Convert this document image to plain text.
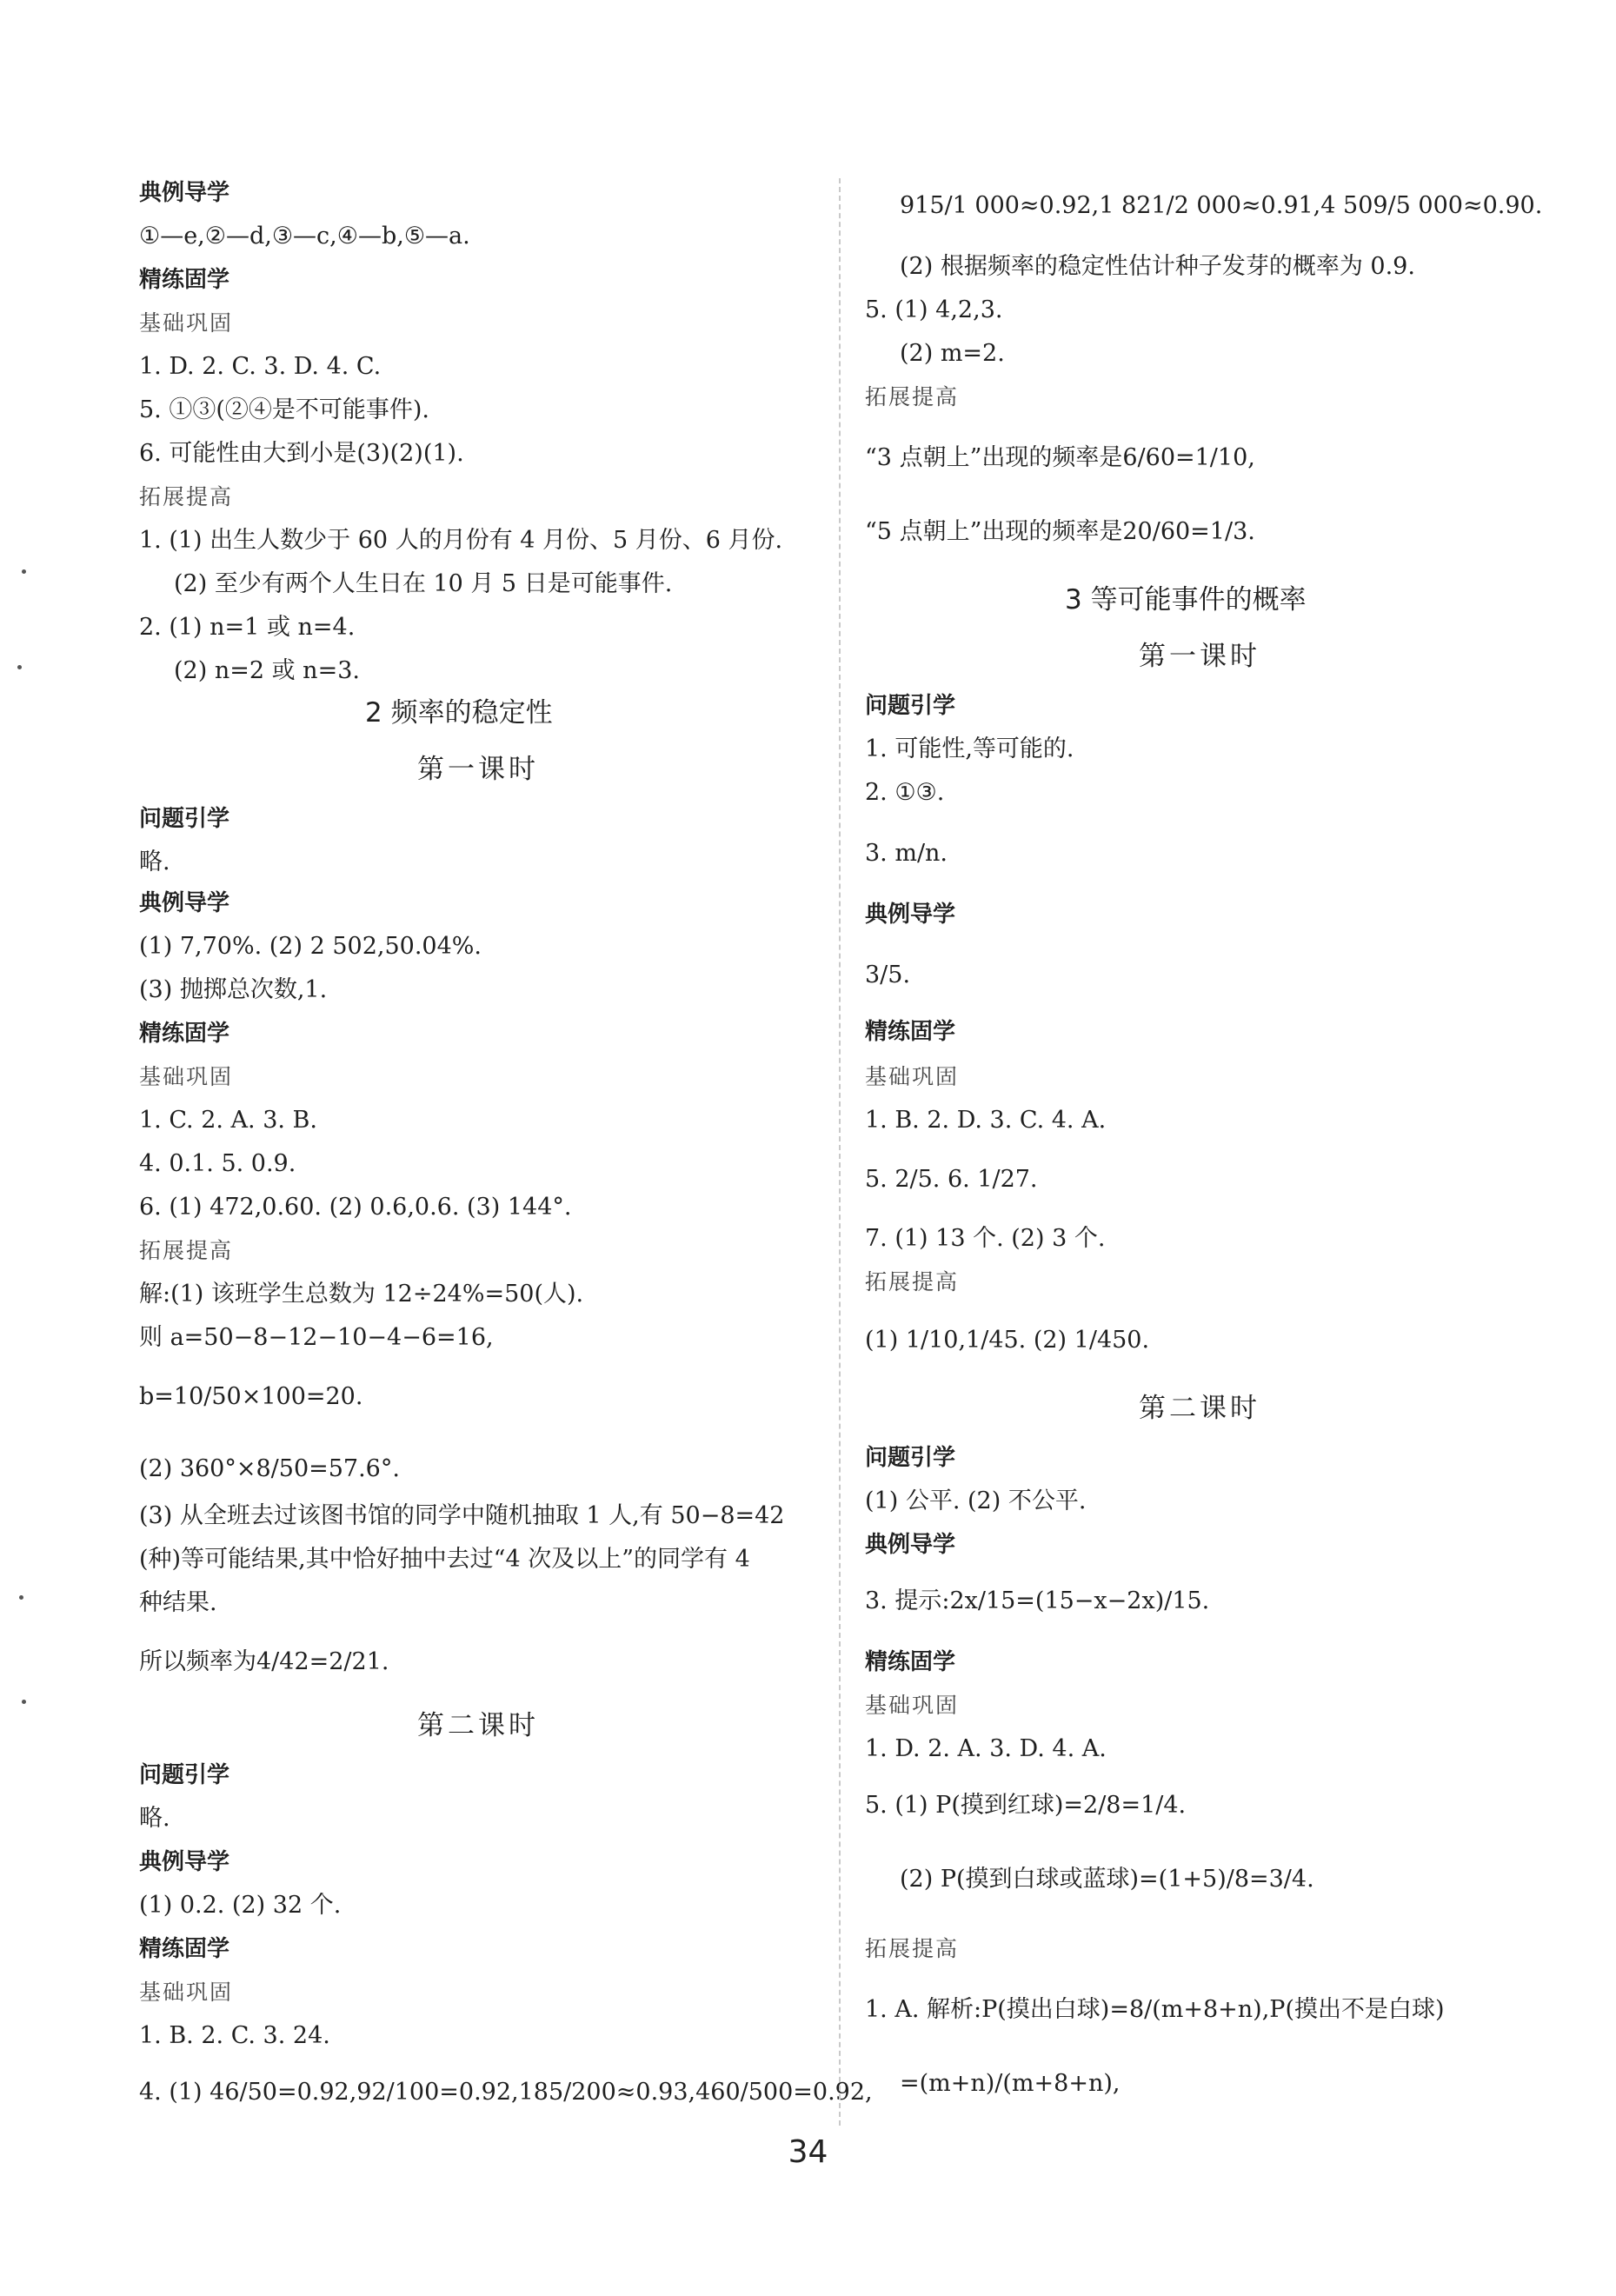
典例导学
①—e,②—d,③—c,④—b,⑤—a.
精练固学
基础巩固
1. D. 2. C. 3. D. 4. C.
5. ①③(②④是不可能事件).
6. 可能性由大到小是(3)(2)(1).
拓展提高
1. (1) 出生人数少于 60 人的月份有 4 月份、5 月份、6 月份.
(2) 至少有两个人生日在 10 月 5 日是可能事件.
2. (1) n=1 或 n=4.
(2) n=2 或 n=3.
2 频率的稳定性
第一课时
问题引学
略.
典例导学
(1) 7,70%. (2) 2 502,50.04%.
(3) 抛掷总次数,1.
精练固学
基础巩固
1. C. 2. A. 3. B.
4. 0.1. 5. 0.9.
6. (1) 472,0.60. (2) 0.6,0.6. (3) 144°.
拓展提高
解:(1) 该班学生总数为 12÷24%=50(人).
则 a=50−8−12−10−4−6=16,
b=10/50×100=20.
(2) 360°×8/50=57.6°.
(3) 从全班去过该图书馆的同学中随机抽取 1 人,有 50−8=42
(种)等可能结果,其中恰好抽中去过“4 次及以上”的同学有 4
种结果.
所以频率为4/42=2/21.
第二课时
问题引学
略.
典例导学
(1) 0.2. (2) 32 个.
精练固学
基础巩固
1. B. 2. C. 3. 24.
4. (1) 46/50=0.92,92/100=0.92,185/200≈0.93,460/500=0.92,
915/1 000≈0.92,1 821/2 000≈0.91,4 509/5 000≈0.90.
(2) 根据频率的稳定性估计种子发芽的概率为 0.9.
5. (1) 4,2,3.
(2) m=2.
拓展提高
“3 点朝上”出现的频率是6/60=1/10,
“5 点朝上”出现的频率是20/60=1/3.
3 等可能事件的概率
第一课时
问题引学
1. 可能性,等可能的.
2. ①③.
3. m/n.
典例导学
3/5.
精练固学
基础巩固
1. B. 2. D. 3. C. 4. A.
5. 2/5. 6. 1/27.
7. (1) 13 个. (2) 3 个.
拓展提高
(1) 1/10,1/45. (2) 1/450.
第二课时
问题引学
(1) 公平. (2) 不公平.
典例导学
3. 提示:2x/15=(15−x−2x)/15.
精练固学
基础巩固
1. D. 2. A. 3. D. 4. A.
5. (1) P(摸到红球)=2/8=1/4.
(2) P(摸到白球或蓝球)=(1+5)/8=3/4.
拓展提高
1. A. 解析:P(摸出白球)=8/(m+8+n),P(摸出不是白球)
=(m+n)/(m+8+n),
34
